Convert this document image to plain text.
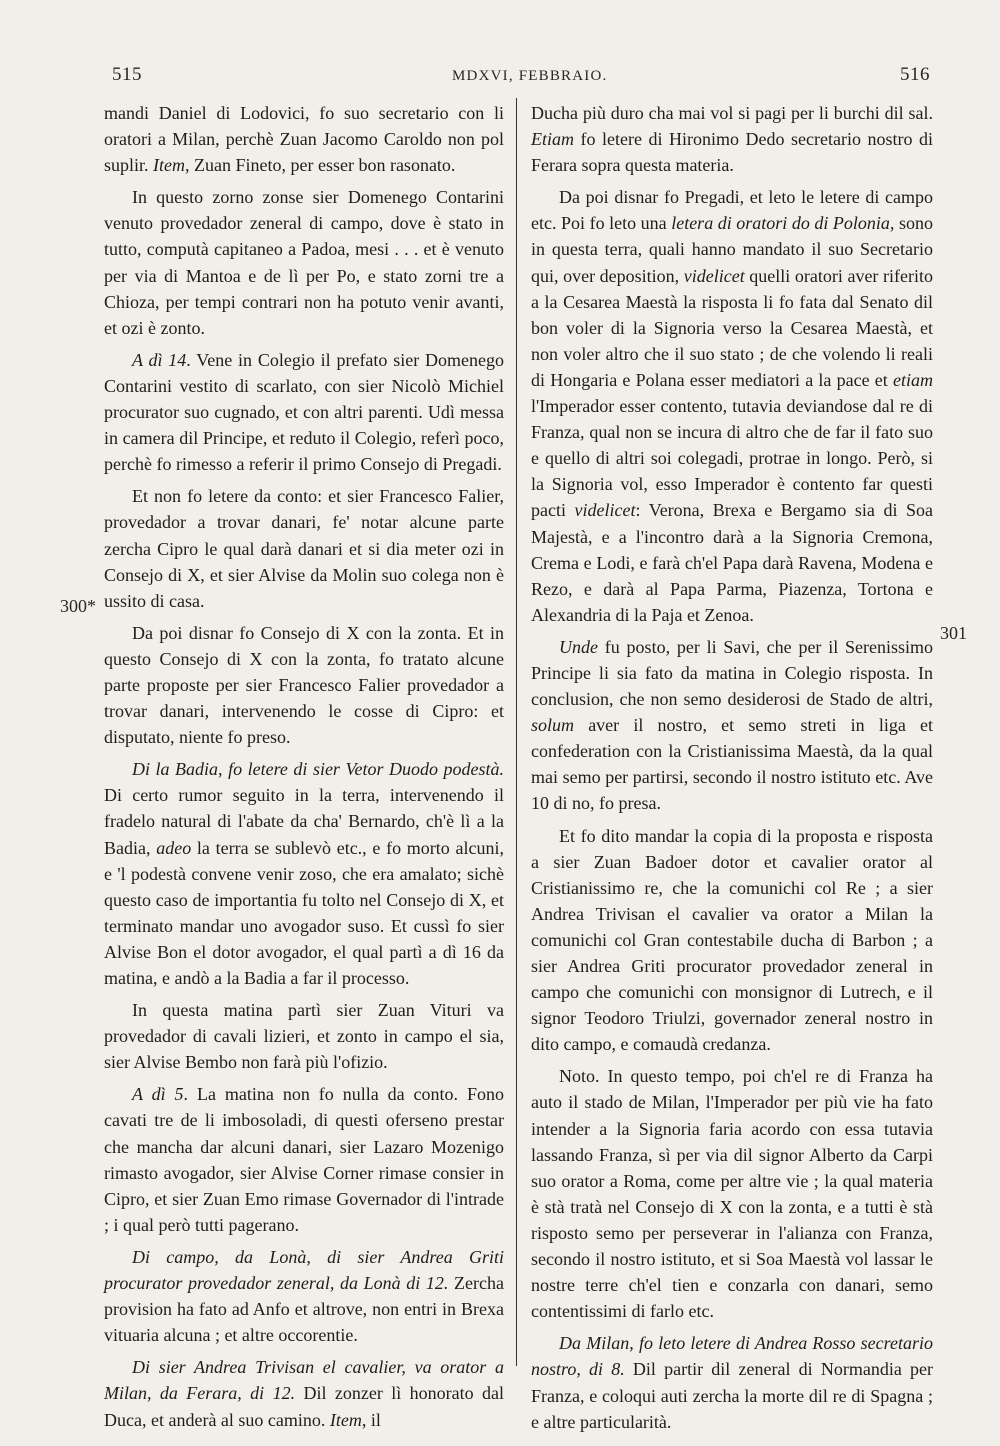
515	MDXVI, FEBBRAIO.	516
300*
301

mandi Daniel di Lodovici, fo suo secretario con li oratori a Milan, perchè Zuan Jacomo Caroldo non pol suplir. Item, Zuan Fineto, per esser bon rasonato.

In questo zorno zonse sier Domenego Contarini venuto provedador zeneral di campo, dove è stato in tutto, computà capitaneo a Padoa, mesi . . . et è venuto per via di Mantoa e de lì per Po, e stato zorni tre a Chioza, per tempi contrari non ha potuto venir avanti, et ozi è zonto.

A dì 14. Vene in Colegio il prefato sier Domenego Contarini vestito di scarlato, con sier Nicolò Michiel procurator suo cugnado, et con altri parenti. Udì messa in camera dil Principe, et reduto il Colegio, referì poco, perchè fo rimesso a referir il primo Consejo di Pregadi.

Et non fo letere da conto: et sier Francesco Falier, provedador a trovar danari, fe' notar alcune parte zercha Cipro le qual darà danari et si dia meter ozi in Consejo di X, et sier Alvise da Molin suo colega non è ussito di casa.

Da poi disnar fo Consejo di X con la zonta. Et in questo Consejo di X con la zonta, fo tratato alcune parte proposte per sier Francesco Falier provedador a trovar danari, intervenendo le cosse di Cipro: et disputato, niente fo preso.

Di la Badia, fo letere di sier Vetor Duodo podestà. Di certo rumor seguito in la terra, intervenendo il fradelo natural di l'abate da cha' Bernardo, ch'è lì a la Badia, adeo la terra se sublevò etc., e fo morto alcuni, e 'l podestà convene venir zoso, che era amalato; sichè questo caso de importantia fu tolto nel Consejo di X, et terminato mandar uno avogador suso. Et cussì fo sier Alvise Bon el dotor avogador, el qual partì a dì 16 da matina, e andò a la Badia a far il processo.

In questa matina partì sier Zuan Vituri va provedador di cavali lizieri, et zonto in campo el sia, sier Alvise Bembo non farà più l'ofizio.

A dì 5. La matina non fo nulla da conto. Fono cavati tre de li imbosoladi, di questi oferseno prestar che mancha dar alcuni danari, sier Lazaro Mozenigo rimasto avogador, sier Alvise Corner rimase consier in Cipro, et sier Zuan Emo rimase Governador di l'intrade ; i qual però tutti pagerano.

Di campo, da Lonà, di sier Andrea Griti procurator provedador zeneral, da Lonà di 12. Zercha provision ha fato ad Anfo et altrove, non entri in Brexa vituaria alcuna ; et altre occorentie.

Di sier Andrea Trivisan el cavalier, va orator a Milan, da Ferara, di 12. Dil zonzer lì honorato dal Duca, et anderà al suo camino. Item, il

Ducha più duro cha mai vol si pagi per li burchi dil sal. Etiam fo letere di Hironimo Dedo secretario nostro di Ferara sopra questa materia.

Da poi disnar fo Pregadi, et leto le letere di campo etc. Poi fo leto una letera di oratori do di Polonia, sono in questa terra, quali hanno mandato il suo Secretario qui, over deposition, videlicet quelli oratori aver riferito a la Cesarea Maestà la risposta li fo fata dal Senato dil bon voler di la Signoria verso la Cesarea Maestà, et non voler altro che il suo stato ; de che volendo li reali di Hongaria e Polana esser mediatori a la pace et etiam l'Imperador esser contento, tutavia deviandose dal re di Franza, qual non se incura di altro che de far il fato suo e quello di altri soi colegadi, protrae in longo. Però, si la Signoria vol, esso Imperador è contento far questi pacti videlicet: Verona, Brexa e Bergamo sia di Soa Majestà, e a l'incontro darà a la Signoria Cremona, Crema e Lodi, e farà ch'el Papa darà Ravena, Modena e Rezo, e darà al Papa Parma, Piazenza, Tortona e Alexandria di la Paja et Zenoa.

Unde fu posto, per li Savi, che per il Serenissimo Principe li sia fato da matina in Colegio risposta. In conclusion, che non semo desiderosi de Stado de altri, solum aver il nostro, et semo streti in liga et confederation con la Cristianissima Maestà, da la qual mai semo per partirsi, secondo il nostro istituto etc. Ave 10 di no, fo presa.

Et fo dito mandar la copia di la proposta e risposta a sier Zuan Badoer dotor et cavalier orator al Cristianissimo re, che la comunichi col Re ; a sier Andrea Trivisan el cavalier va orator a Milan la comunichi col Gran contestabile ducha di Barbon ; a sier Andrea Griti procurator provedador zeneral in campo che comunichi con monsignor di Lutrech, e il signor Teodoro Triulzi, governador zeneral nostro in dito campo, e comaudà credanza.

Noto. In questo tempo, poi ch'el re di Franza ha auto il stado de Milan, l'Imperador per più vie ha fato intender a la Signoria faria acordo con essa tutavia lassando Franza, sì per via dil signor Alberto da Carpi suo orator a Roma, come per altre vie ; la qual materia è stà tratà nel Consejo di X con la zonta, e a tutti è stà risposto semo per perseverar in l'alianza con Franza, secondo il nostro istituto, et si Soa Maestà vol lassar le nostre terre ch'el tien e conzarla con danari, semo contentissimi di farlo etc.

Da Milan, fo leto letere di Andrea Rosso secretario nostro, di 8. Dil partir dil zeneral di Normandia per Franza, e coloqui auti zercha la morte dil re di Spagna ; e altre particularità.
